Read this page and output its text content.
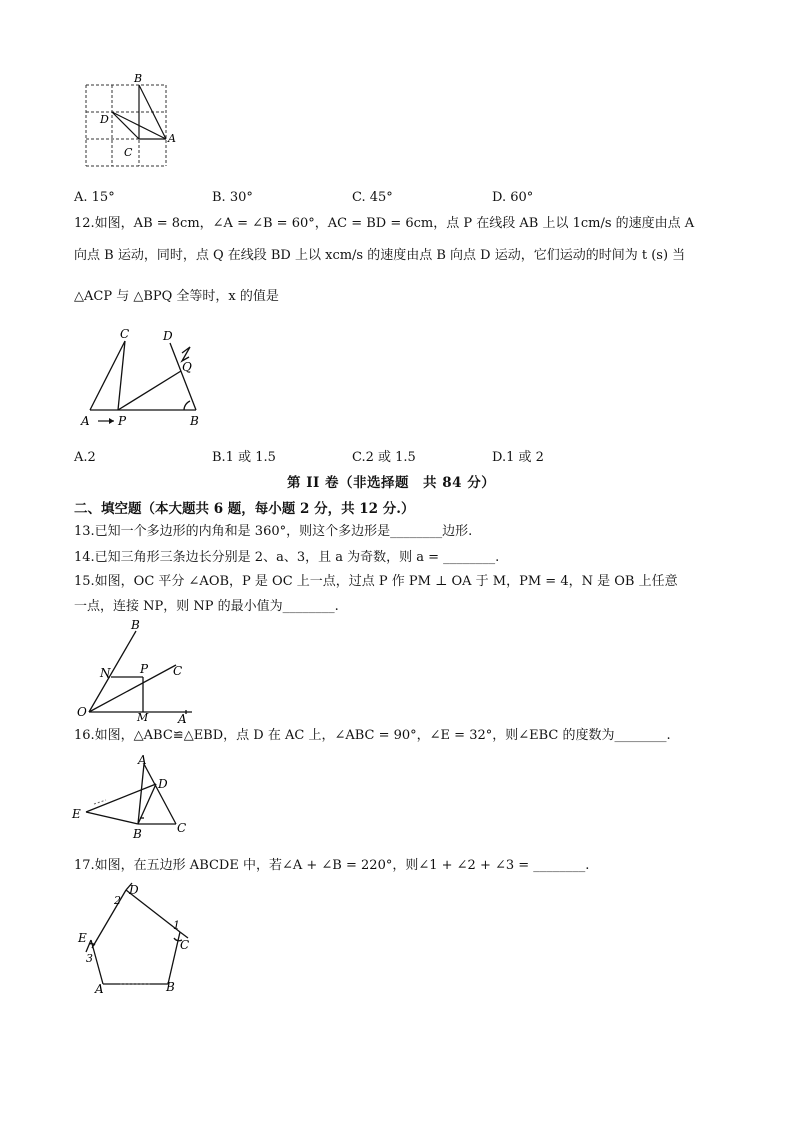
B
D
A
C
A. 15°	B. 30°	C. 45°	D. 60°
12.如图，AB = 8cm，∠A = ∠B = 60°，AC = BD = 6cm，点 P 在线段 AB 上以 1cm/s 的速度由点 A
向点 B 运动，同时，点 Q 在线段 BD 上以 xcm/s 的速度由点 B 向点 D 运动，它们运动的时间为 t (s) 当
△ACP 与 △BPQ 全等时，x 的值是
C	D
Q
A P	B
A.2	B.1 或 1.5	C.2 或 1.5	D.1 或 2
第 II 卷（非选择题　共 84 分）
二、填空题（本大题共 6 题，每小题 2 分，共 12 分.）
13.已知一个多边形的内角和是 360°，则这个多边形是________边形.
14.已知三角形三条边长分别是 2、a、3，且 a 为奇数，则 a = ________.
15.如图，OC 平分 ∠AOB，P 是 OC 上一点，过点 P 作 PM ⊥ OA 于 M，PM = 4，N 是 OB 上任意
一点，连接 NP，则 NP 的最小值为________.
B
N P C
O	M A
16.如图，△ABC≌△EBD，点 D 在 AC 上，∠ABC = 90°，∠E = 32°，则∠EBC 的度数为________.
A
D
E
B	C
17.如图，在五边形 ABCDE 中，若∠A + ∠B = 220°，则∠1 + ∠2 + ∠3 = ________.
D
2
1
C
E
3
A	B
